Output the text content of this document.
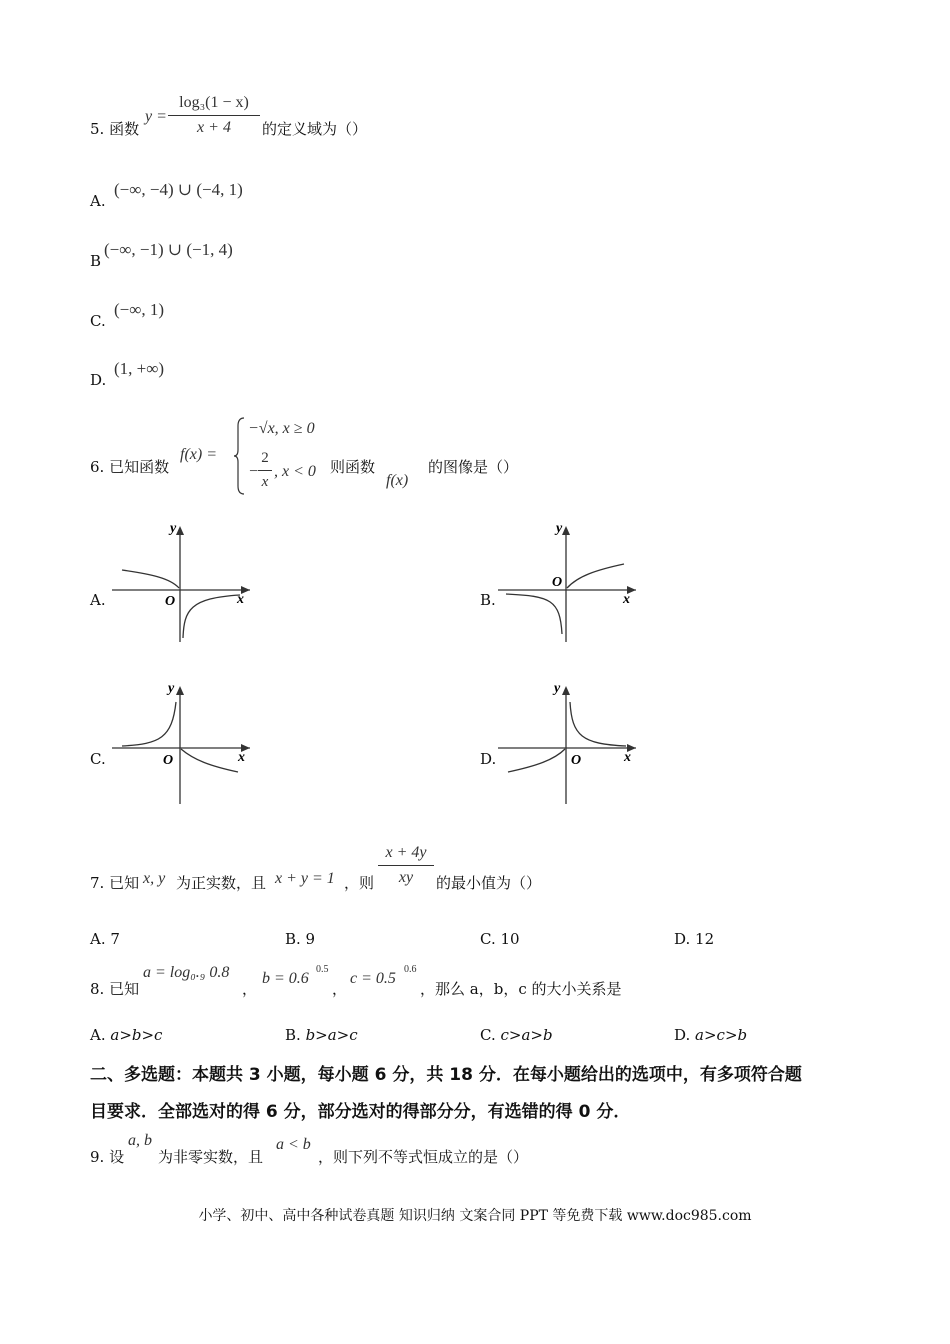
5. 函数
y =
log₃(1 − x)
x + 4	的定义域为（）
A.
(−∞, −4) ∪ (−4, 1)
B
(−∞, −1) ∪ (−1, 4)
C.
(−∞, 1)
D.
(1, +∞)
6. 已知函数
f(x) =
−√x, x ≥ 0
−
2
x
, x < 0 则函数
f(x)
的图像是（）
A.
y
x
O	B.
y
x
O
C.
y
x
O	D.
y
x
O
7. 已知 x, y 为正实数，且 x + y = 1 ，则
x + 4y
xy	的最小值为（）
A. 7	B. 9	C. 10	D. 12
8. 已知
a = log₀.₉ 0.8
，
b = 0.6
0.5
，
c = 0.5
0.6
，那么 a，b，c 的大小关系是
A. a>b>c	B. b>a>c	C. c>a>b	D. a>c>b
二、多选题：本题共 3 小题，每小题 6 分，共 18 分．在每小题给出的选项中，有多项符合题
目要求．全部选对的得 6 分，部分选对的得部分分，有选错的得 0 分．
9. 设
a, b
为非零实数，且
a < b
，则下列不等式恒成立的是（）
小学、初中、高中各种试卷真题 知识归纳 文案合同 PPT 等免费下载 www.doc985.com
